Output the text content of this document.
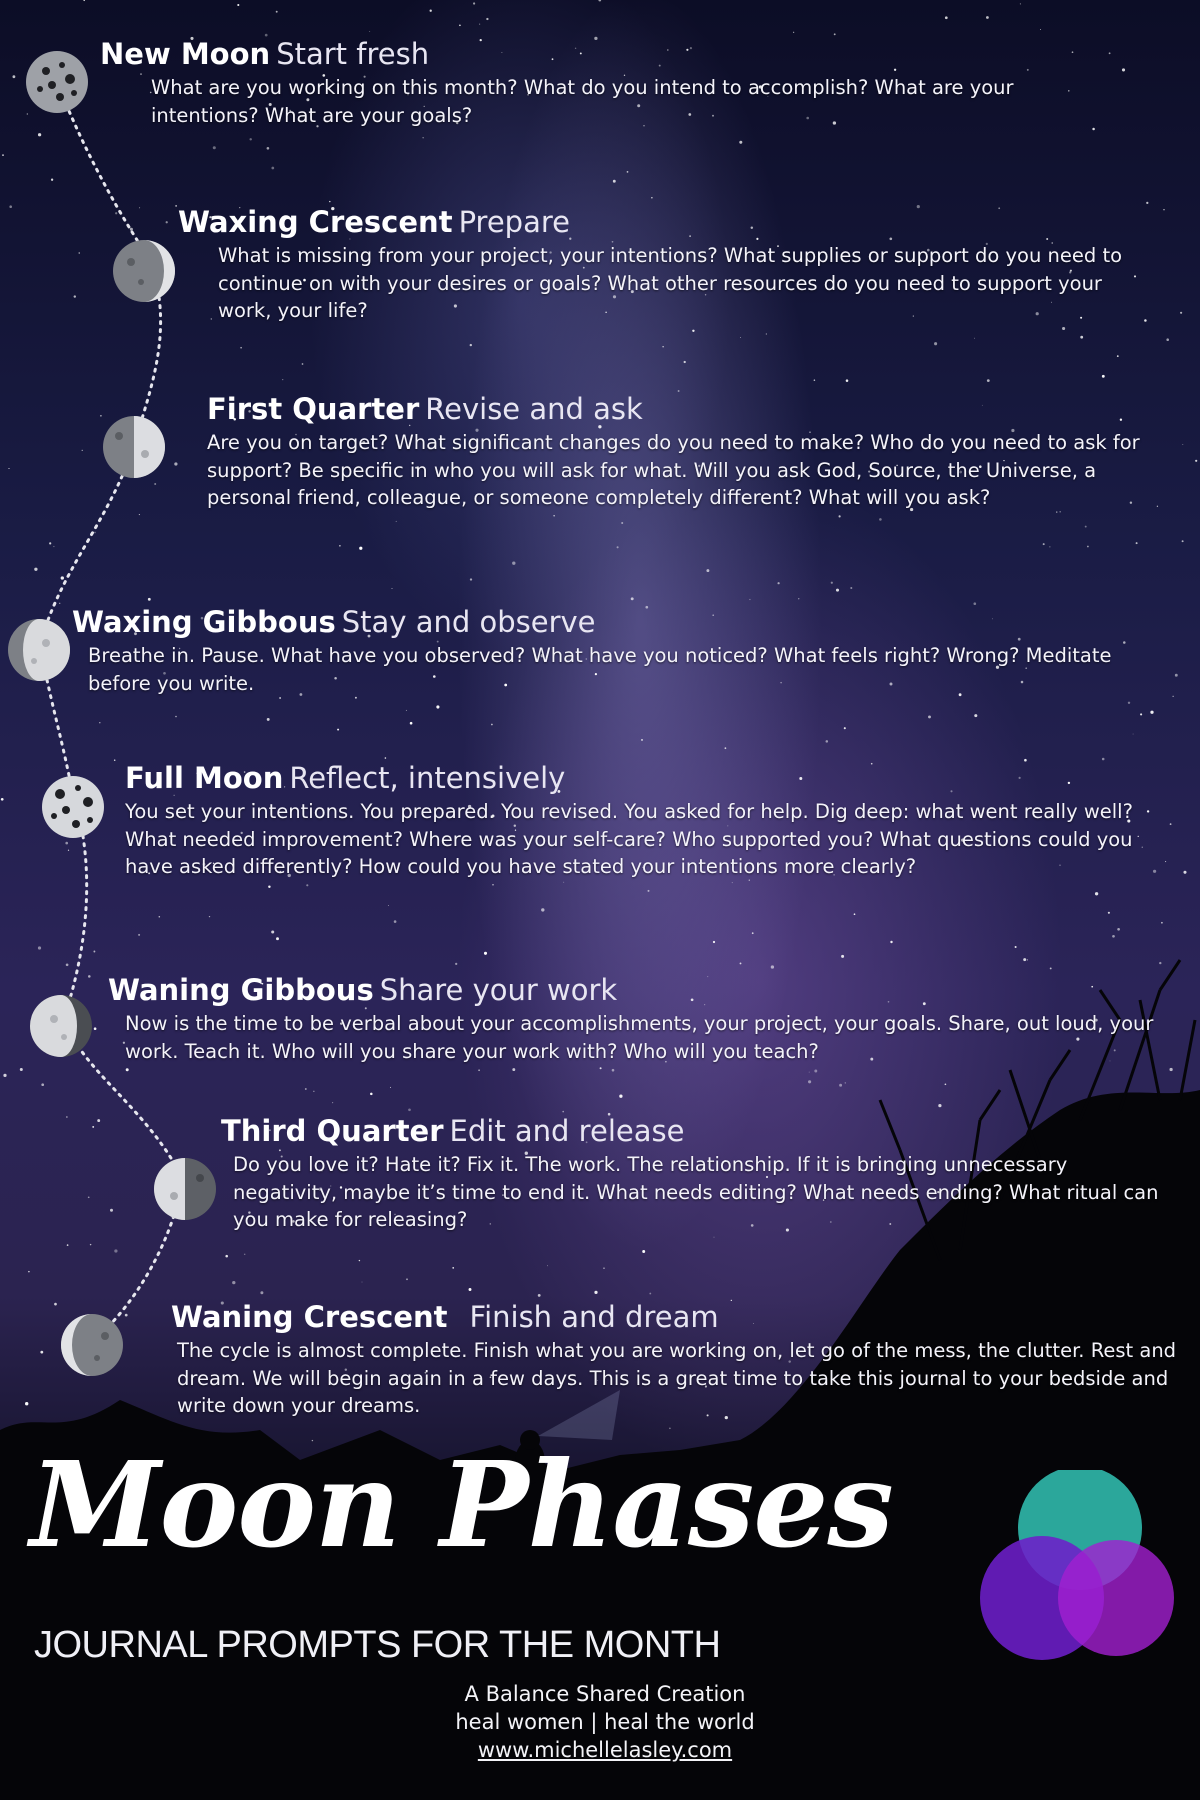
New Moon Start fresh
What are you working on this month? What do you intend to accomplish? What are your intentions? What are your goals?
Waxing Crescent Prepare
What is missing from your project, your intentions? What supplies or support do you need to continue on with your desires or goals? What other resources do you need to support your work, your life?
First Quarter Revise and ask
Are you on target? What significant changes do you need to make? Who do you need to ask for support? Be specific in who you will ask for what. Will you ask God, Source, the Universe, a personal friend, colleague, or someone completely different? What will you ask?
Waxing Gibbous Stay and observe
Breathe in. Pause. What have you observed? What have you noticed? What feels right? Wrong? Meditate before you write.
Full Moon Reflect, intensively
You set your intentions. You prepared. You revised. You asked for help. Dig deep: what went really well? What needed improvement? Where was your self-care? Who supported you? What questions could you have asked differently? How could you have stated your intentions more clearly?
Waning Gibbous Share your work
Now is the time to be verbal about your accomplishments, your project, your goals. Share, out loud, your work. Teach it. Who will you share your work with? Who will you teach?
Third Quarter Edit and release
Do you love it? Hate it? Fix it. The work. The relationship. If it is bringing unnecessary negativity, maybe it’s time to end it. What needs editing? What needs ending? What ritual can you make for releasing?
Waning Crescent Finish and dream
The cycle is almost complete. Finish what you are working on, let go of the mess, the clutter. Rest and dream. We will begin again in a few days. This is a great time to take this journal to your bedside and write down your dreams.
Moon Phases
JOURNAL PROMPTS FOR THE MONTH
A Balance Shared Creation
heal women | heal the world
www.michellelasley.com
